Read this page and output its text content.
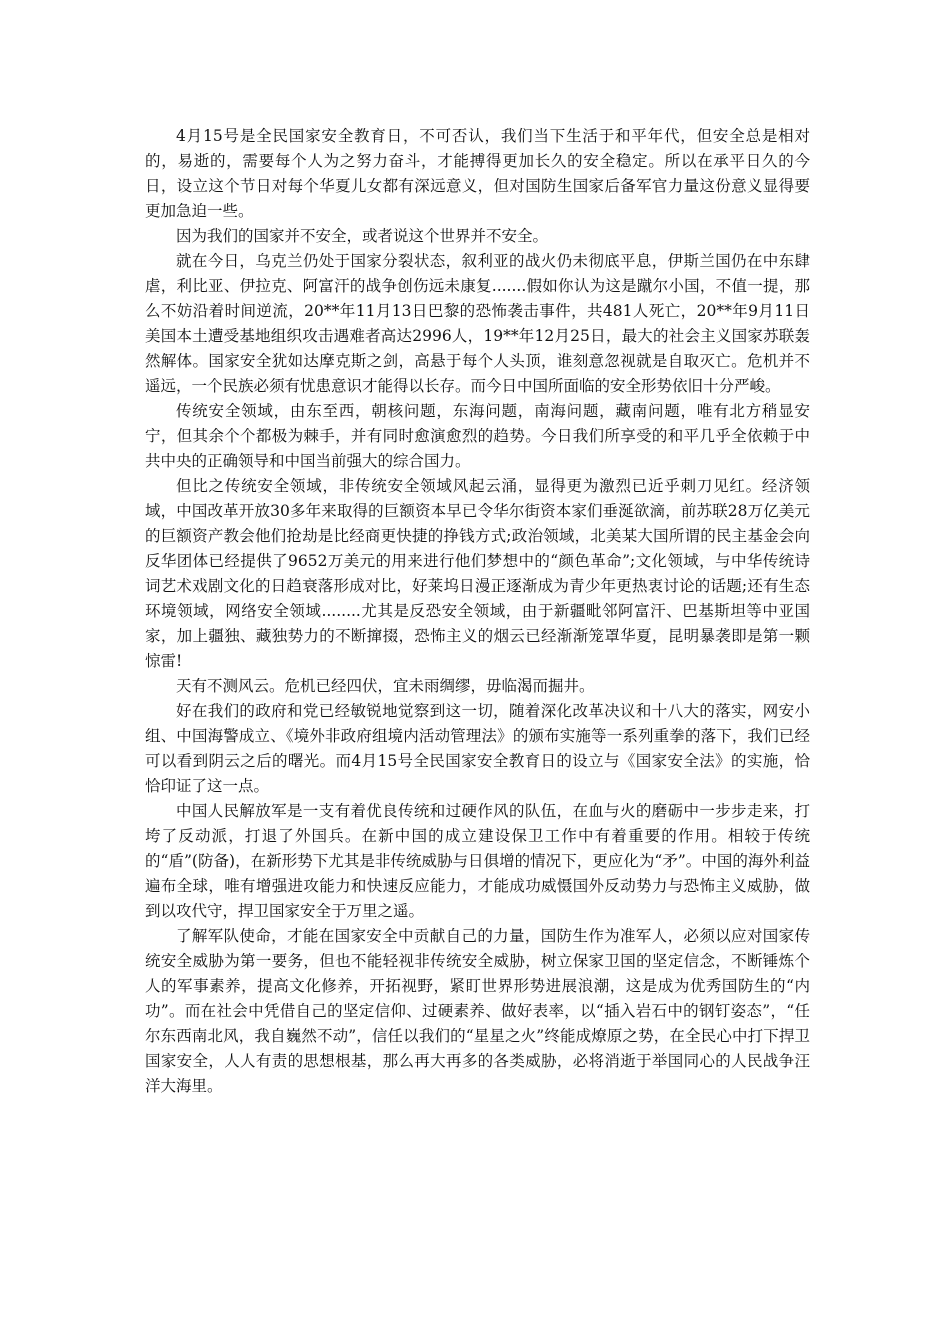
4月15号是全民国家安全教育日，不可否认，我们当下生活于和平年代，但安全总是相对的，易逝的，需要每个人为之努力奋斗，才能搏得更加长久的安全稳定。所以在承平日久的今日，设立这个节日对每个华夏儿女都有深远意义，但对国防生国家后备军官力量这份意义显得要更加急迫一些。

因为我们的国家并不安全，或者说这个世界并不安全。

就在今日，乌克兰仍处于国家分裂状态，叙利亚的战火仍未彻底平息，伊斯兰国仍在中东肆虐，利比亚、伊拉克、阿富汗的战争创伤远未康复.......假如你认为这是蹴尔小国，不值一提，那么不妨沿着时间逆流，20**年11月13日巴黎的恐怖袭击事件，共481人死亡，20**年9月11日美国本土遭受基地组织攻击遇难者高达2996人，19**年12月25日，最大的社会主义国家苏联轰然解体。国家安全犹如达摩克斯之剑，高悬于每个人头顶，谁刻意忽视就是自取灭亡。危机并不遥远，一个民族必须有忧患意识才能得以长存。而今日中国所面临的安全形势依旧十分严峻。

传统安全领域，由东至西，朝核问题，东海问题，南海问题，藏南问题，唯有北方稍显安宁，但其余个个都极为棘手，并有同时愈演愈烈的趋势。今日我们所享受的和平几乎全依赖于中共中央的正确领导和中国当前强大的综合国力。

但比之传统安全领域，非传统安全领域风起云涌，显得更为激烈已近乎刺刀见红。经济领域，中国改革开放30多年来取得的巨额资本早已令华尔街资本家们垂涎欲滴，前苏联28万亿美元的巨额资产教会他们抢劫是比经商更快捷的挣钱方式;政治领域，北美某大国所谓的民主基金会向反华团体已经提供了9652万美元的用来进行他们梦想中的“颜色革命”;文化领域，与中华传统诗词艺术戏剧文化的日趋衰落形成对比，好莱坞日漫正逐渐成为青少年更热衷讨论的话题;还有生态环境领域，网络安全领域........尤其是反恐安全领域，由于新疆毗邻阿富汗、巴基斯坦等中亚国家，加上疆独、藏独势力的不断撺掇，恐怖主义的烟云已经渐渐笼罩华夏，昆明暴袭即是第一颗惊雷!

天有不测风云。危机已经四伏，宜未雨绸缪，毋临渴而掘井。

好在我们的政府和党已经敏锐地觉察到这一切，随着深化改革决议和十八大的落实，网安小组、中国海警成立、《境外非政府组境内活动管理法》的颁布实施等一系列重拳的落下，我们已经可以看到阴云之后的曙光。而4月15号全民国家安全教育日的设立与《国家安全法》的实施，恰恰印证了这一点。

中国人民解放军是一支有着优良传统和过硬作风的队伍，在血与火的磨砺中一步步走来，打垮了反动派，打退了外国兵。在新中国的成立建设保卫工作中有着重要的作用。相较于传统的“盾”(防备)，在新形势下尤其是非传统威胁与日俱增的情况下，更应化为“矛”。中国的海外利益遍布全球，唯有增强进攻能力和快速反应能力，才能成功威慑国外反动势力与恐怖主义威胁，做到以攻代守，捍卫国家安全于万里之遥。

了解军队使命，才能在国家安全中贡献自己的力量，国防生作为准军人，必须以应对国家传统安全威胁为第一要务，但也不能轻视非传统安全威胁，树立保家卫国的坚定信念，不断锤炼个人的军事素养，提高文化修养，开拓视野，紧盯世界形势进展浪潮，这是成为优秀国防生的“内功”。而在社会中凭借自己的坚定信仰、过硬素养、做好表率，以“插入岩石中的钢钉姿态”，“任尔东西南北风，我自巍然不动”，信任以我们的“星星之火”终能成燎原之势，在全民心中打下捍卫国家安全，人人有责的思想根基，那么再大再多的各类威胁，必将消逝于举国同心的人民战争汪洋大海里。
